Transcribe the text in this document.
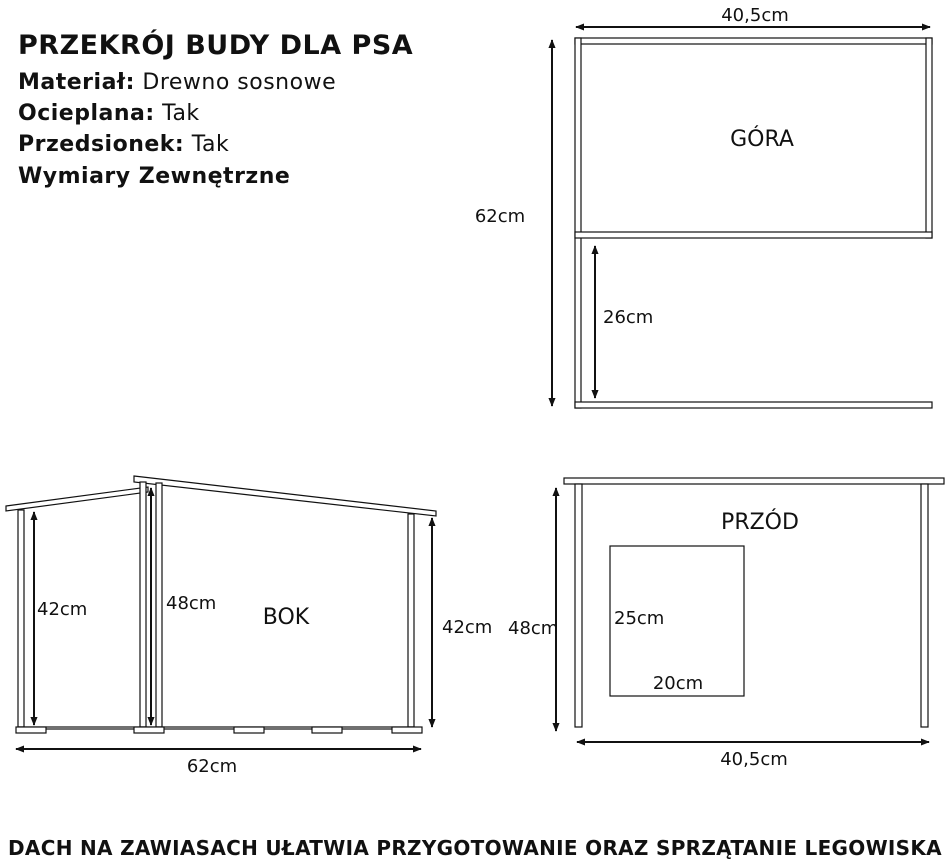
PRZEKRÓJ BUDY DLA PSA
Materiał: Drewno sosnowe
Ocieplana: Tak
Przedsionek: Tak
Wymiary Zewnętrzne
GÓRA
40,5cm
62cm
26cm
BOK
42cm	48cm
42cm
62cm
PRZÓD
25cm
20cm
48cm
40,5cm
DACH NA ZAWIASACH UŁATWIA PRZYGOTOWANIE ORAZ SPRZĄTANIE LEGOWISKA
